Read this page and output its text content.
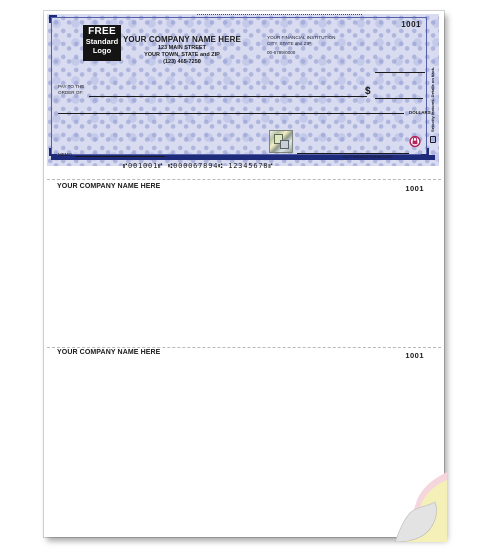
FREE
Standard
Logo
YOUR COMPANY NAME HERE
123 MAIN STREET
YOUR TOWN, STATE and ZIP
(123) 465-7250
YOUR FINANCIAL INSTITUTION
CITY, STATE and ZIP
00-6789/0000
1001
PAY TO THE
ORDER OF:	$
DOLLARS
MEMO	AUTHORIZED SIGNATURE
Security features. Details on back.
⑈001001⑈ ⑆000067894⑆ 12345678⑈
YOUR COMPANY NAME HERE	1001
YOUR COMPANY NAME HERE	1001
